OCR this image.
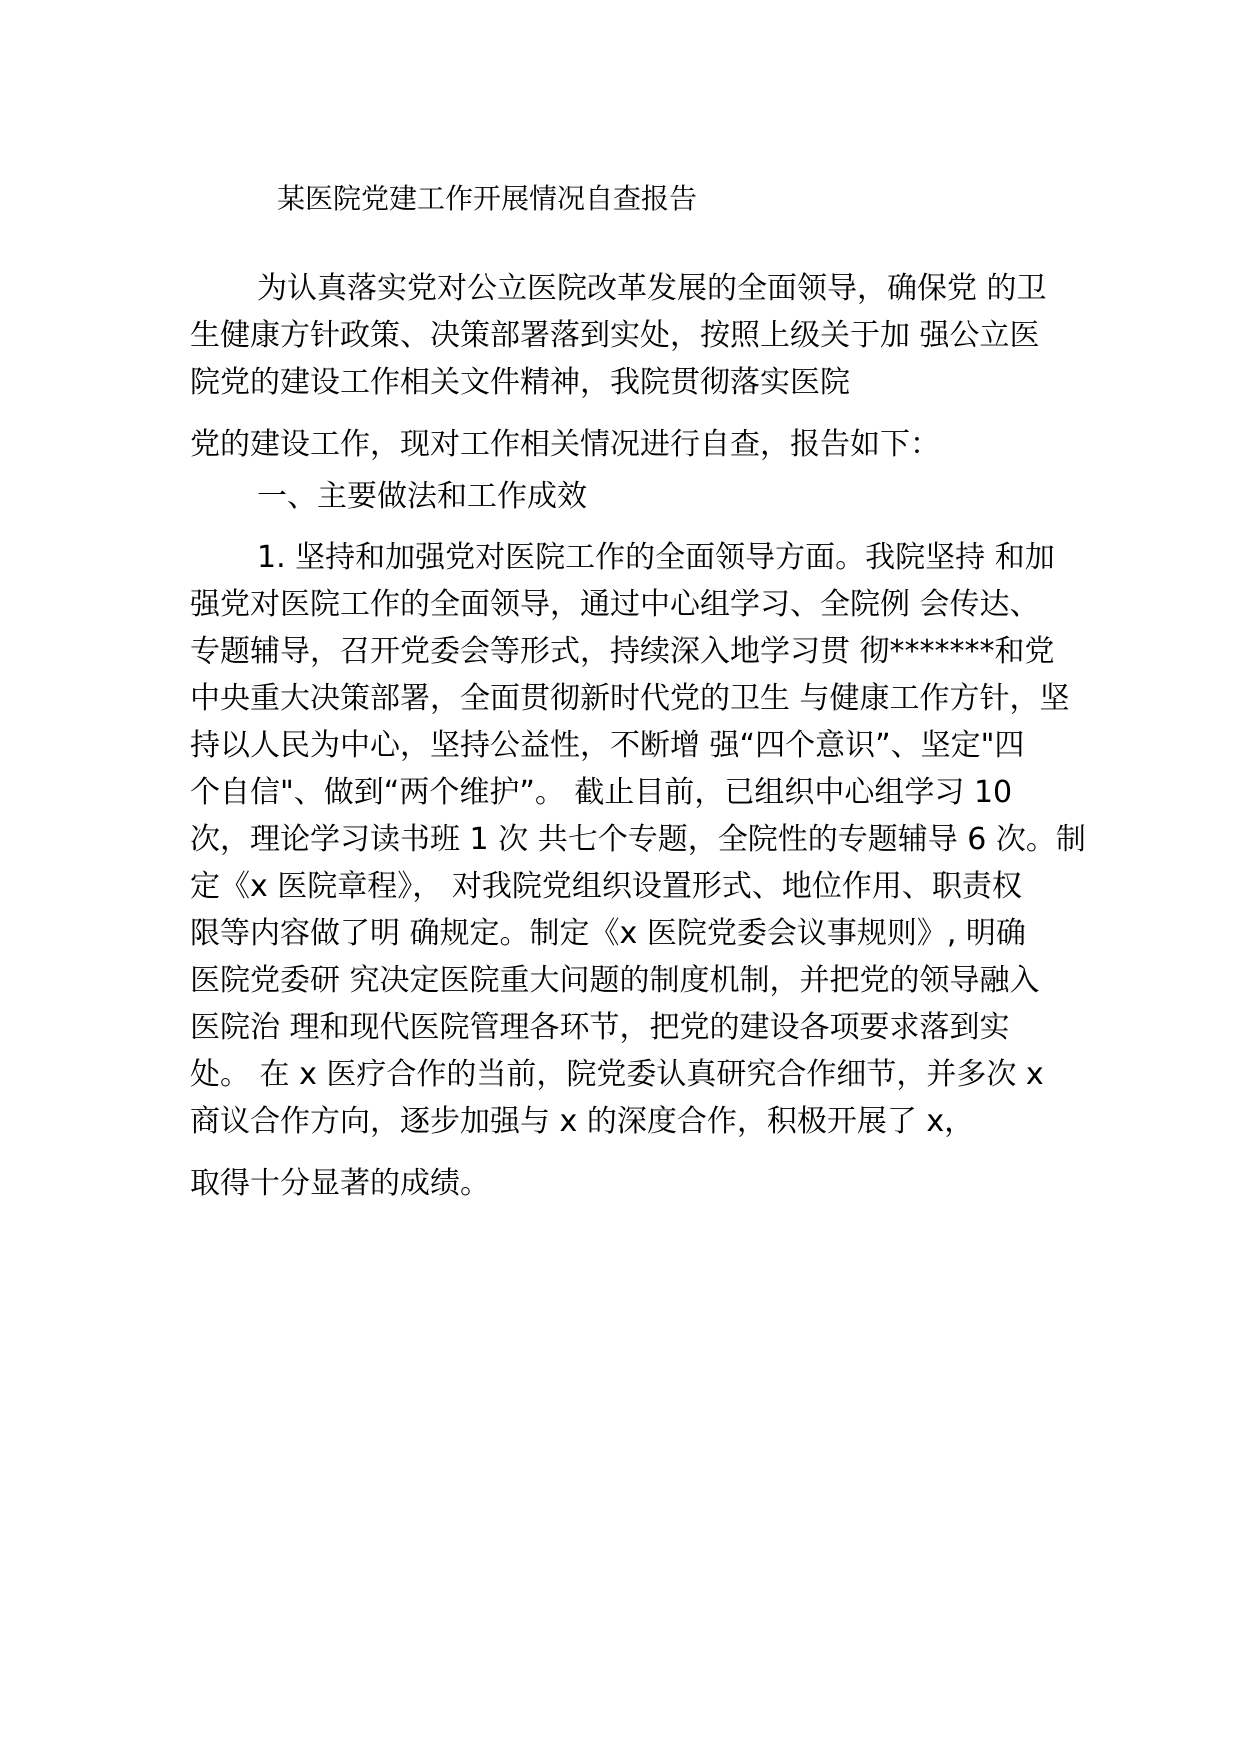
某医院党建工作开展情况自查报告
为认真落实党对公立医院改革发展的全面领导，确保党 的卫
生健康方针政策、决策部署落到实处，按照上级关于加 强公立医
院党的建设工作相关文件精神，我院贯彻落实医院
党的建设工作，现对工作相关情况进行自查，报告如下：
一、主要做法和工作成效
1. 坚持和加强党对医院工作的全面领导方面。我院坚持 和加
强党对医院工作的全面领导，通过中心组学习、全院例 会传达、
专题辅导，召开党委会等形式，持续深入地学习贯 彻*******和党
中央重大决策部署，全面贯彻新时代党的卫生 与健康工作方针，坚
持以人民为中心，坚持公益性，不断增 强“四个意识”、坚定"四
个自信"、做到“两个维护”。 截止目前，已组织中心组学习 10
次，理论学习读书班 1 次 共七个专题，全院性的专题辅导 6 次。制
定《x 医院章程》， 对我院党组织设置形式、地位作用、职责权
限等内容做了明 确规定。制定《x 医院党委会议事规则》, 明确
医院党委研 究决定医院重大问题的制度机制，并把党的领导融入
医院治 理和现代医院管理各环节，把党的建设各项要求落到实
处。 在 x 医疗合作的当前，院党委认真研究合作细节，并多次 x
商议合作方向，逐步加强与 x 的深度合作，积极开展了 x，
取得十分显著的成绩。
